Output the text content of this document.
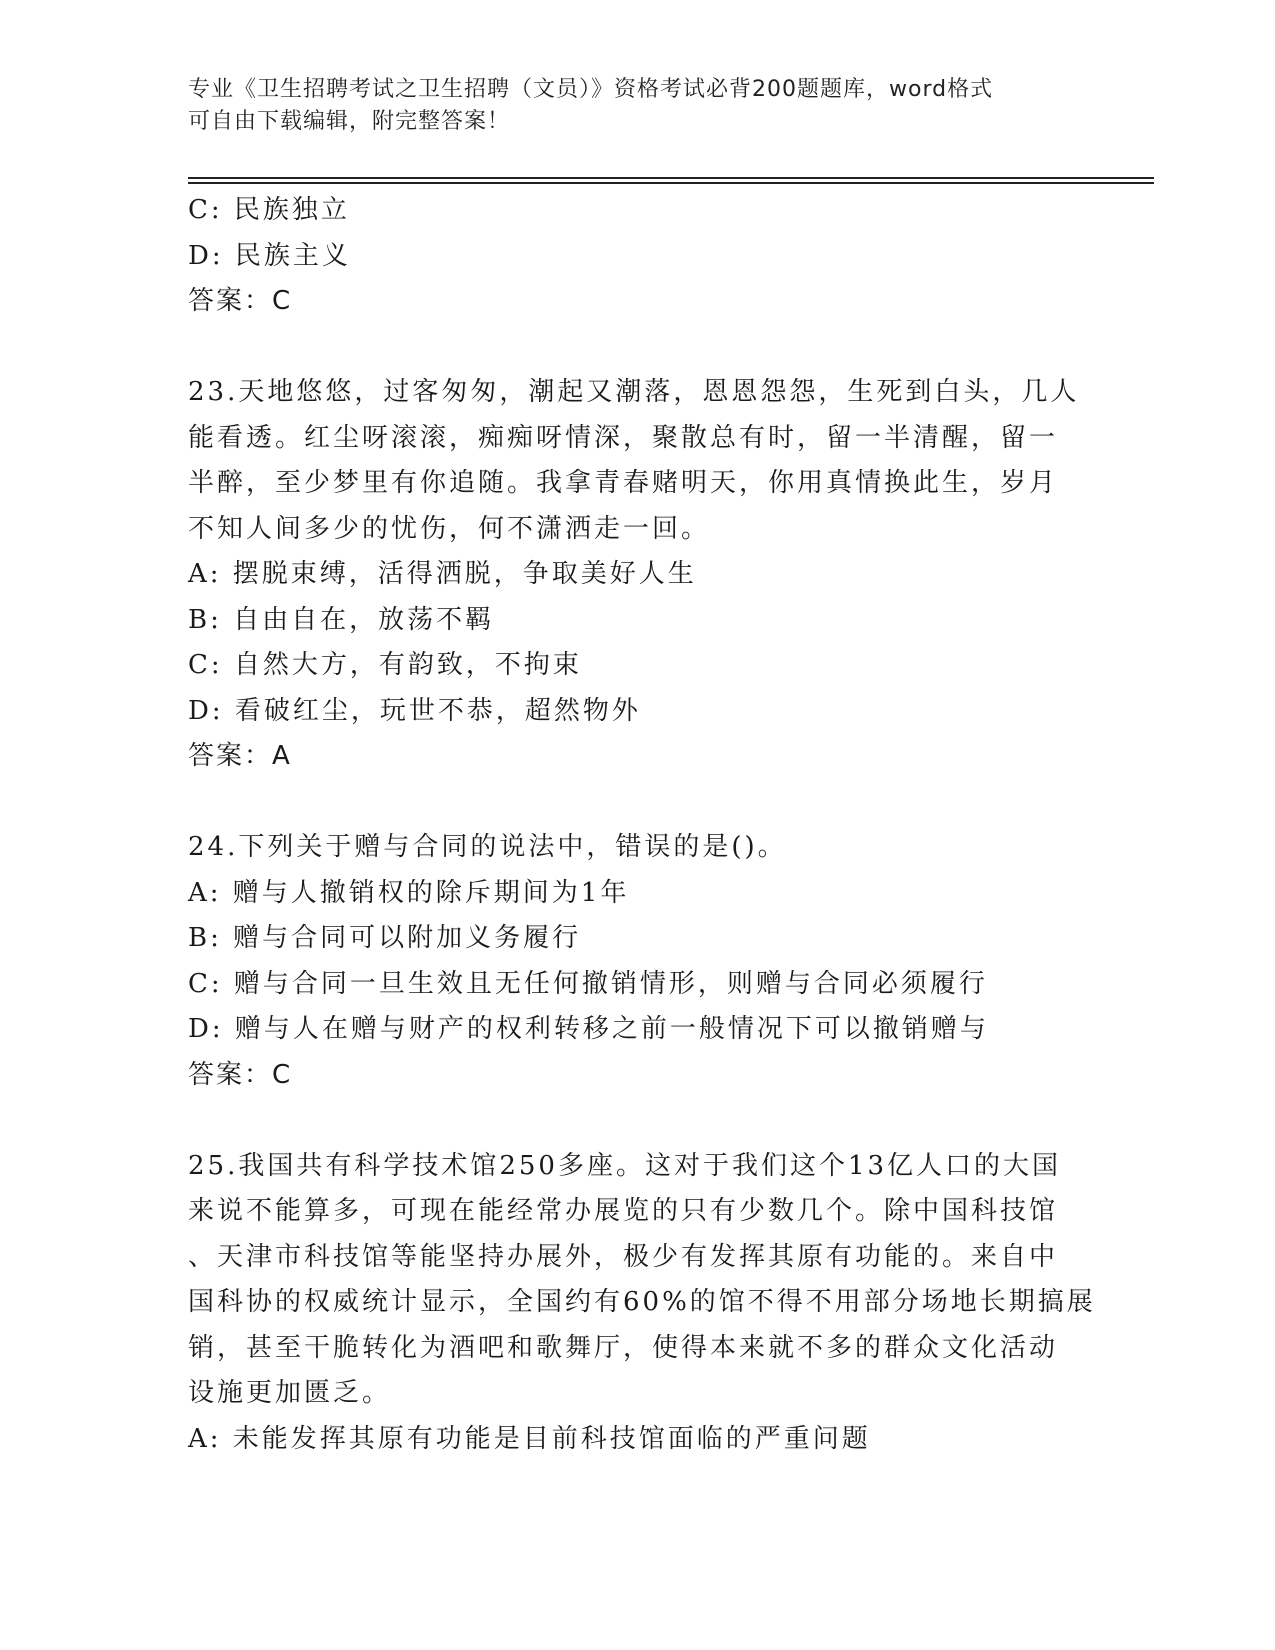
专业《卫生招聘考试之卫生招聘（文员）》资格考试必背200题题库，word格式
可自由下载编辑，附完整答案！
C: 民族独立
D: 民族主义
答案：C
23.天地悠悠，过客匆匆，潮起又潮落，恩恩怨怨，生死到白头，几人
能看透。红尘呀滚滚，痴痴呀情深，聚散总有时，留一半清醒，留一
半醉，至少梦里有你追随。我拿青春赌明天，你用真情换此生，岁月
不知人间多少的忧伤，何不潇洒走一回。
A: 摆脱束缚，活得洒脱，争取美好人生
B: 自由自在，放荡不羁
C: 自然大方，有韵致，不拘束
D: 看破红尘，玩世不恭，超然物外
答案：A
24.下列关于赠与合同的说法中，错误的是()。
A: 赠与人撤销权的除斥期间为1年
B: 赠与合同可以附加义务履行
C: 赠与合同一旦生效且无任何撤销情形，则赠与合同必须履行
D: 赠与人在赠与财产的权利转移之前一般情况下可以撤销赠与
答案：C
25.我国共有科学技术馆250多座。这对于我们这个13亿人口的大国
来说不能算多，可现在能经常办展览的只有少数几个。除中国科技馆
、天津市科技馆等能坚持办展外，极少有发挥其原有功能的。来自中
国科协的权威统计显示，全国约有60%的馆不得不用部分场地长期搞展
销，甚至干脆转化为酒吧和歌舞厅，使得本来就不多的群众文化活动
设施更加匮乏。
A: 未能发挥其原有功能是目前科技馆面临的严重问题
